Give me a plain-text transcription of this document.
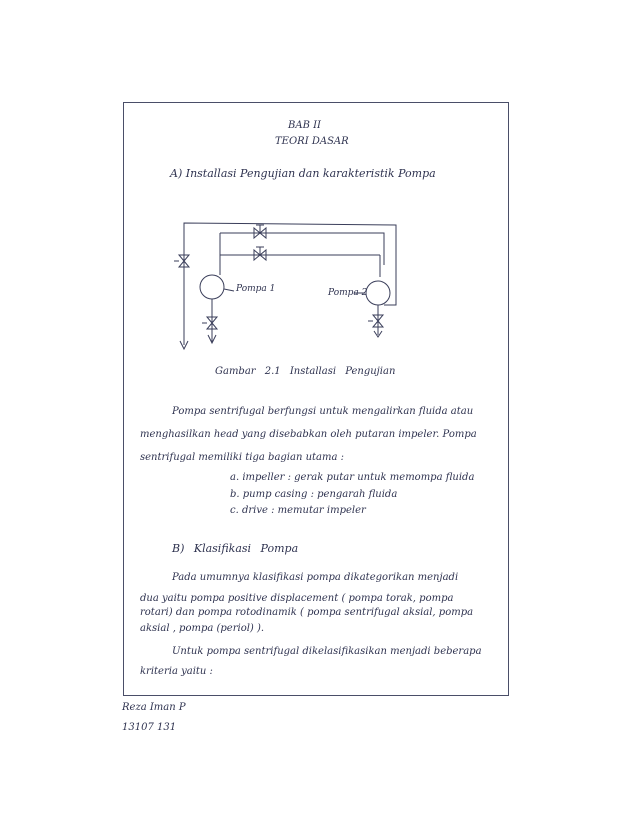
BAB II
TEORI DASAR
A) Installasi Pengujian dan karakteristik Pompa
Pompa 1	Pompa 2
Gambar 2.1 Installasi Pengujian
Pompa sentrifugal berfungsi untuk mengalirkan fluida atau
menghasilkan head yang disebabkan oleh putaran impeler. Pompa
sentrifugal memiliki tiga bagian utama :
a. impeller : gerak putar untuk memompa fluida
b. pump casing : pengarah fluida
c. drive : memutar impeler
B) Klasifikasi Pompa
Pada umumnya klasifikasi pompa dikategorikan menjadi
dua yaitu pompa positive displacement ( pompa torak, pompa
rotari) dan pompa rotodinamik ( pompa sentrifugal aksial, pompa
aksial , pompa (periol) ).
Untuk pompa sentrifugal dikelasifikasikan menjadi beberapa
kriteria yaitu :
Reza Iman P
13107 131
